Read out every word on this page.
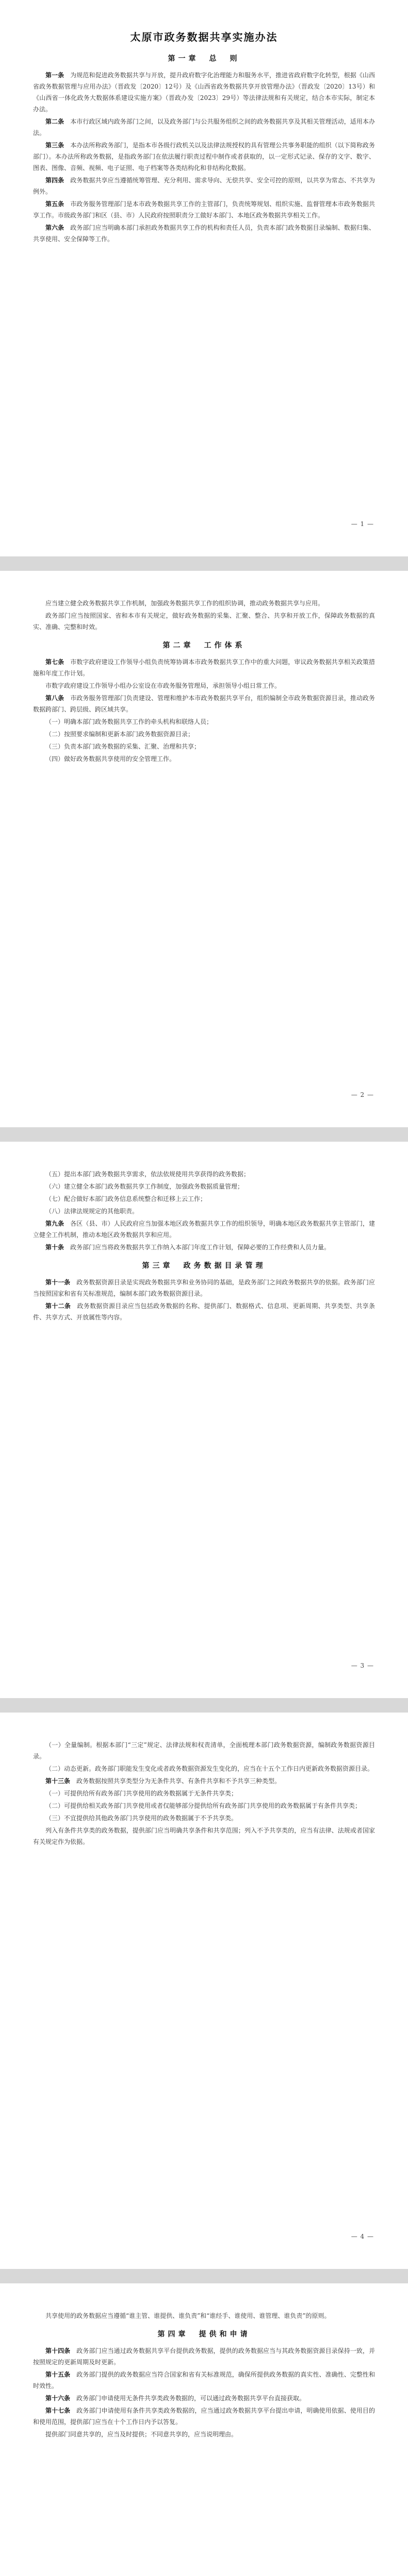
太原市政务数据共享实施办法
第一章　总　则

第一条　 为规范和促进政务数据共享与开放，提升政府数字化治理能力和服务水平，推进省政府数字化转型，根据《山西省政务数据管理与应用办法》（晋政发〔2020〕12号）及《山西省政务数据共享开放管理办法》（晋政发〔2020〕13号）和《山西省一体化政务大数据体系建设实施方案》（晋政办发〔2023〕29号）等法律法规和有关规定，结合本市实际，制定本办法。

第二条　 本市行政区域内政务部门之间，以及政务部门与公共服务组织之间的政务数据共享及其相关管理活动，适用本办法。

第三条　 本办法所称政务部门，是指本市各级行政机关以及法律法规授权的具有管理公共事务职能的组织（以下简称政务部门）。本办法所称政务数据，是指政务部门在依法履行职责过程中制作或者获取的，以一定形式记录、保存的文字、数字、图表、图像、音频、视频、电子证照、电子档案等各类结构化和非结构化数据。

第四条　 政务数据共享应当遵循统筹管理、充分利用、需求导向、无偿共享、安全可控的原则，以共享为常态、不共享为例外。

第五条　 市政务服务管理部门是本市政务数据共享工作的主管部门，负责统筹规划、组织实施、监督管理本市政务数据共享工作。市级政务部门和区（县、市）人民政府按照职责分工做好本部门、本地区政务数据共享相关工作。

第六条　 政务部门应当明确本部门承担政务数据共享工作的机构和责任人员，负责本部门政务数据目录编制、数据归集、共享使用、安全保障等工作。

— 1 —

应当建立健全政务数据共享工作机制，加强政务数据共享工作的组织协调，推动政务数据共享与应用。

政务部门应当按照国家、省和本市有关规定，做好政务数据的采集、汇聚、整合、共享和开放工作，保障政务数据的真实、准确、完整和时效。

第二章　工作体系

第七条　 市数字政府建设工作领导小组负责统筹协调本市政务数据共享工作中的重大问题，审议政务数据共享相关政策措施和年度工作计划。

市数字政府建设工作领导小组办公室设在市政务服务管理局，承担领导小组日常工作。

第八条　 市政务服务管理部门负责建设、管理和维护本市政务数据共享平台，组织编制全市政务数据资源目录，推动政务数据跨部门、跨层级、跨区域共享。

（一）明确本部门政务数据共享工作的牵头机构和联络人员；

（二）按照要求编制和更新本部门政务数据资源目录；

（三）负责本部门政务数据的采集、汇聚、治理和共享；

（四）做好政务数据共享使用的安全管理工作。

— 2 —

（五）提出本部门政务数据共享需求，依法依规使用共享获得的政务数据；

（六）建立健全本部门政务数据共享工作制度，加强政务数据质量管理；

（七）配合做好本部门政务信息系统整合和迁移上云工作；

（八）法律法规规定的其他职责。

第九条　 各区（县、市）人民政府应当加强本地区政务数据共享工作的组织领导，明确本地区政务数据共享主管部门，建立健全工作机制，推动本地区政务数据共享和应用。

第十条　 政务部门应当将政务数据共享工作纳入本部门年度工作计划，保障必要的工作经费和人员力量。

第三章　政务数据目录管理

第十一条　 政务数据资源目录是实现政务数据共享和业务协同的基础，是政务部门之间政务数据共享的依据。政务部门应当按照国家和省有关标准规范，编制本部门政务数据资源目录。

第十二条　 政务数据资源目录应当包括政务数据的名称、提供部门、数据格式、信息项、更新周期、共享类型、共享条件、共享方式、开放属性等内容。

— 3 —

（一）全量编制。根据本部门“三定”规定、法律法规和权责清单，全面梳理本部门政务数据资源，编制政务数据资源目录。

（二）动态更新。政务部门职能发生变化或者政务数据资源发生变化的，应当在十五个工作日内更新政务数据资源目录。

第十三条　 政务数据按照共享类型分为无条件共享、有条件共享和不予共享三种类型。

（一）可提供给所有政务部门共享使用的政务数据属于无条件共享类；

（二）可提供给相关政务部门共享使用或者仅能够部分提供给所有政务部门共享使用的政务数据属于有条件共享类；

（三）不宜提供给其他政务部门共享使用的政务数据属于不予共享类。

列入有条件共享类的政务数据，提供部门应当明确共享条件和共享范围；列入不予共享类的，应当有法律、法规或者国家有关规定作为依据。

— 4 —

共享使用的政务数据应当遵循“谁主管、谁提供、谁负责”和“谁经手、谁使用、谁管理、谁负责”的原则。

第四章　提供和申请

第十四条　 政务部门应当通过政务数据共享平台提供政务数据，提供的政务数据应当与其政务数据资源目录保持一致，并按照规定的更新周期及时更新。

第十五条　 政务部门提供的政务数据应当符合国家和省有关标准规范，确保所提供政务数据的真实性、准确性、完整性和时效性。

第十六条　 政务部门申请使用无条件共享类政务数据的，可以通过政务数据共享平台直接获取。

第十七条　 政务部门申请使用有条件共享类政务数据的，应当通过政务数据共享平台提出申请，明确使用依据、使用目的和使用范围，提供部门应当在十个工作日内予以答复。

提供部门同意共享的，应当及时提供；不同意共享的，应当说明理由。
